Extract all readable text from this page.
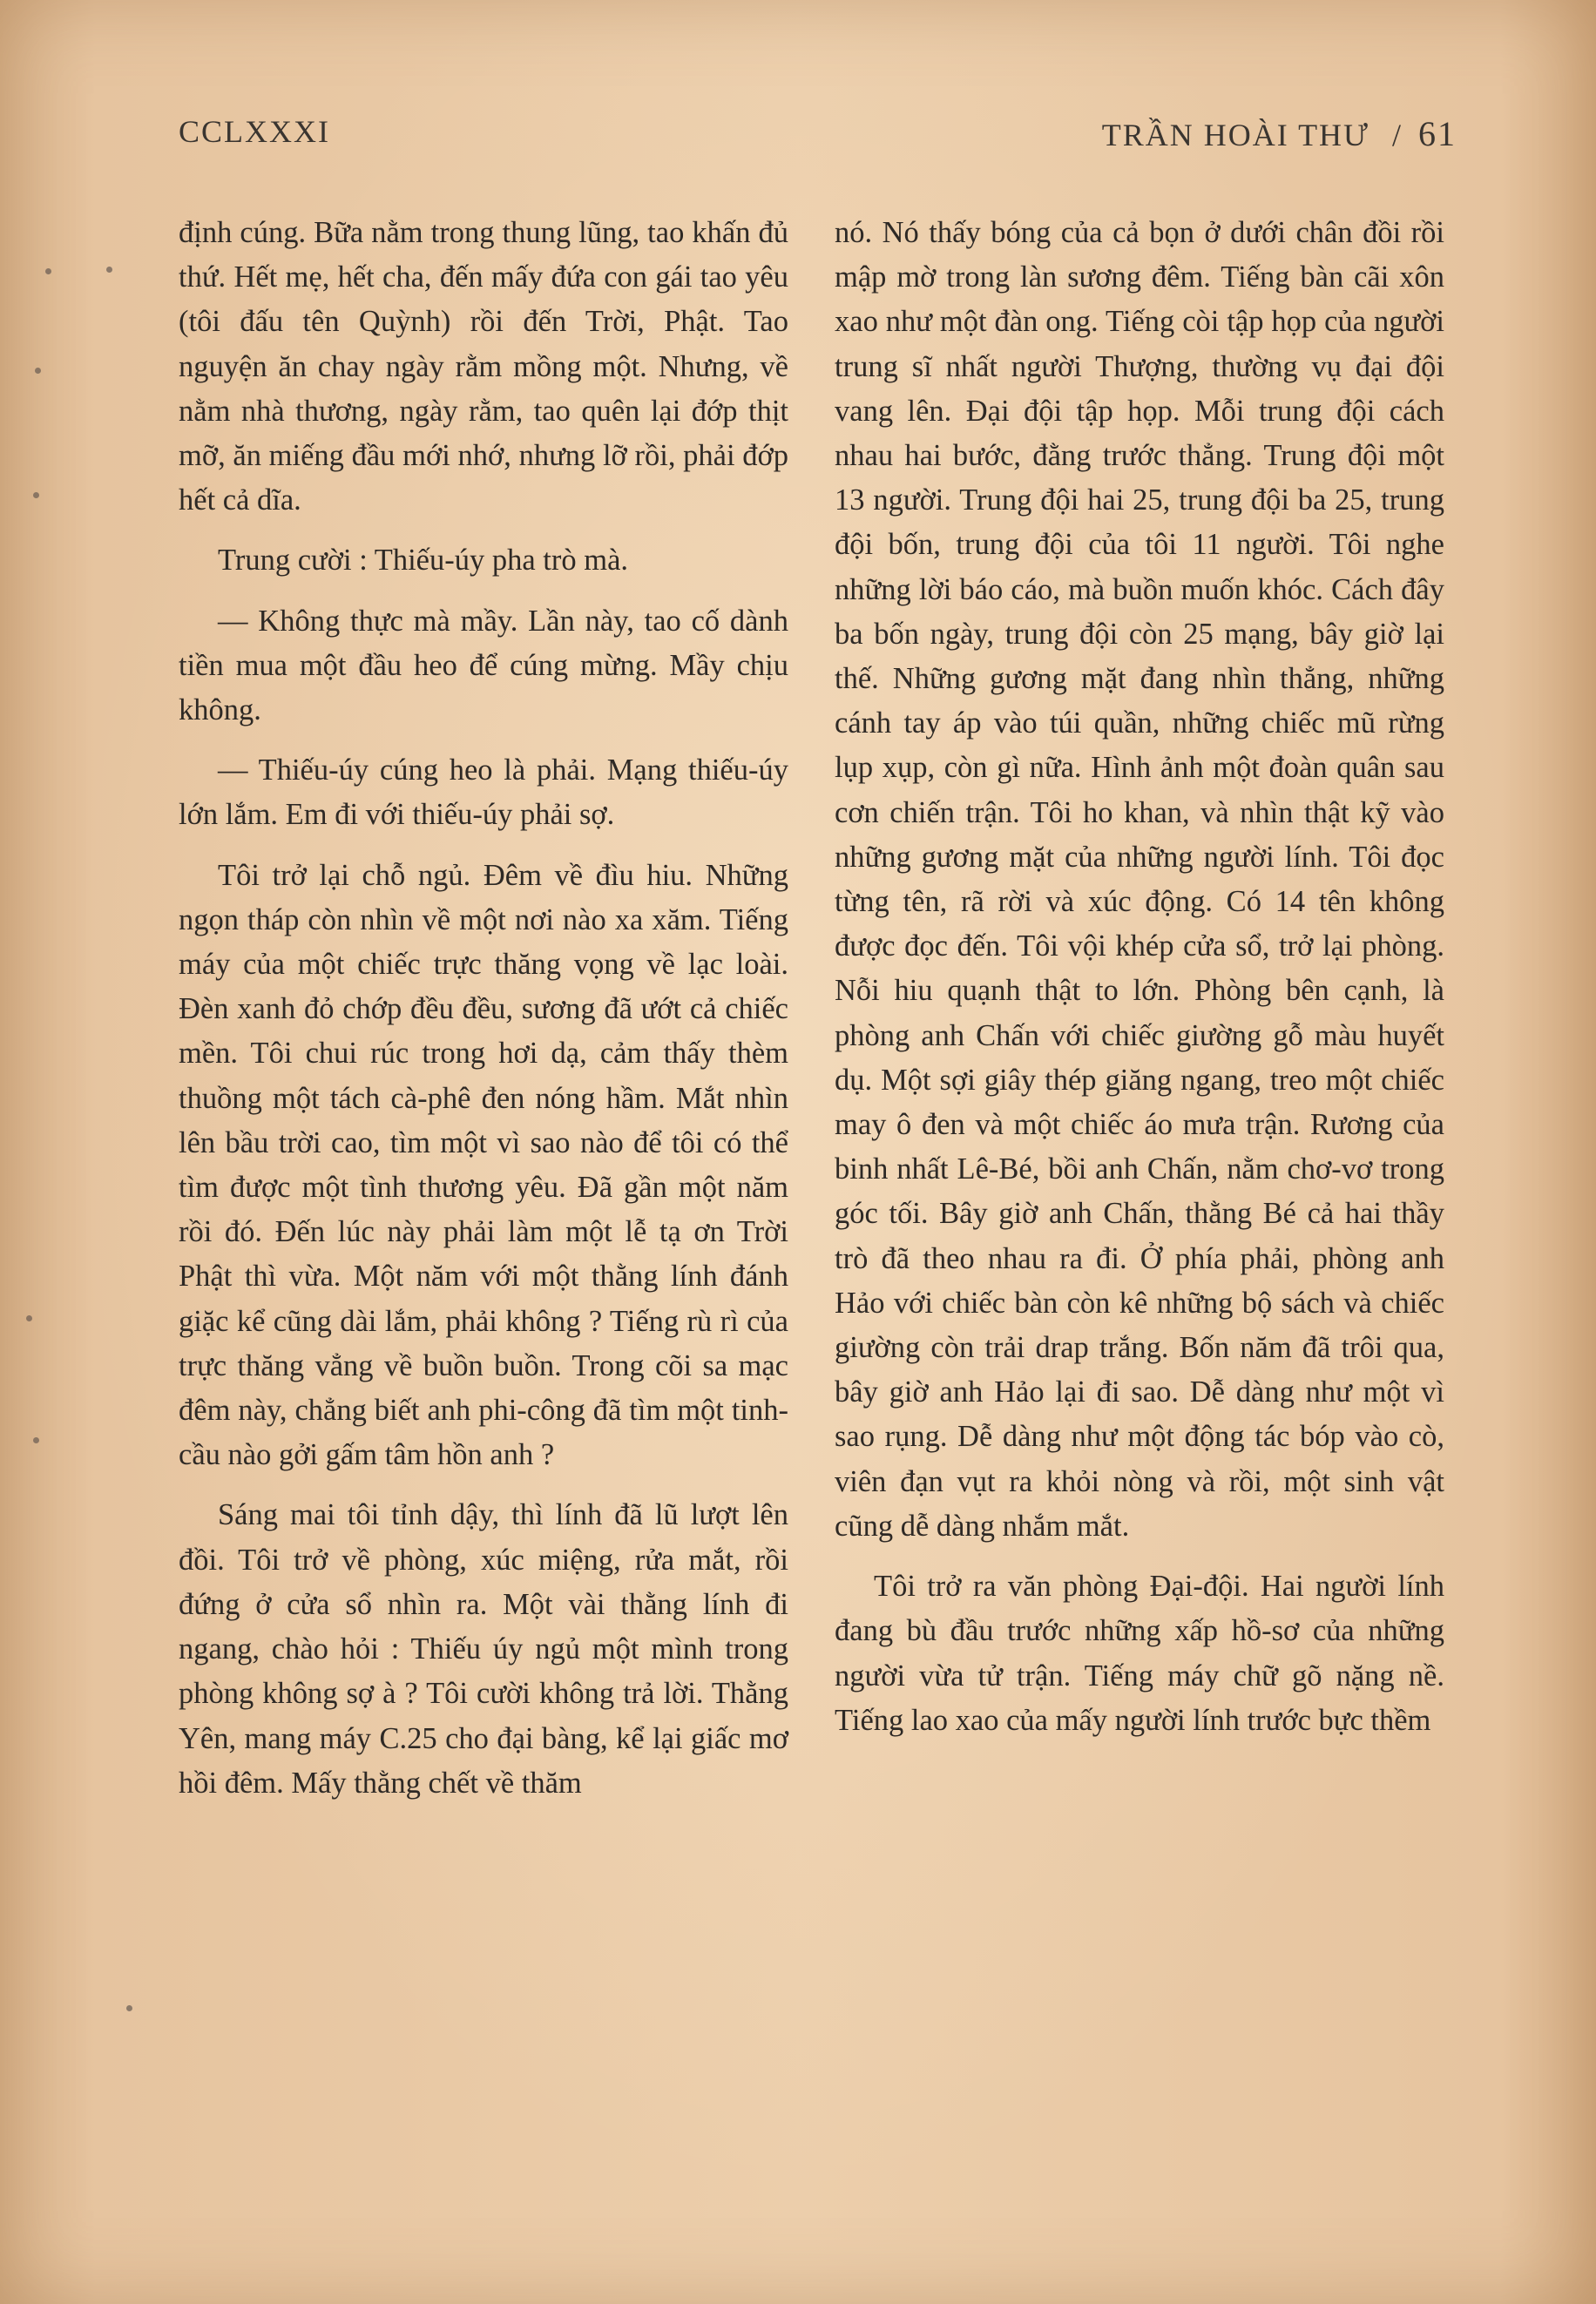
CCLXXXI	TRẦN HOÀI THƯ / 61

định cúng. Bữa nằm trong thung lũng, tao khấn đủ thứ. Hết mẹ, hết cha, đến mấy đứa con gái tao yêu (tôi đấu tên Quỳnh) rồi đến Trời, Phật. Tao nguyện ăn chay ngày rằm mồng một. Nhưng, về nằm nhà thương, ngày rằm, tao quên lại đớp thịt mỡ, ăn miếng đầu mới nhớ, nhưng lỡ rồi, phải đớp hết cả dĩa.

Trung cười : Thiếu-úy pha trò mà.

— Không thực mà mầy. Lần này, tao cố dành tiền mua một đầu heo để cúng mừng. Mầy chịu không.

— Thiếu-úy cúng heo là phải. Mạng thiếu-úy lớn lắm. Em đi với thiếu-úy phải sợ.

Tôi trở lại chỗ ngủ. Đêm về đìu hiu. Những ngọn tháp còn nhìn về một nơi nào xa xăm. Tiếng máy của một chiếc trực thăng vọng về lạc loài. Đèn xanh đỏ chớp đều đều, sương đã ướt cả chiếc mền. Tôi chui rúc trong hơi dạ, cảm thấy thèm thuồng một tách cà-phê đen nóng hầm. Mắt nhìn lên bầu trời cao, tìm một vì sao nào để tôi có thể tìm được một tình thương yêu. Đã gần một năm rồi đó. Đến lúc này phải làm một lễ tạ ơn Trời Phật thì vừa. Một năm với một thằng lính đánh giặc kể cũng dài lắm, phải không ? Tiếng rù rì của trực thăng vẳng về buồn buồn. Trong cõi sa mạc đêm này, chẳng biết anh phi-công đã tìm một tinh-cầu nào gởi gấm tâm hồn anh ?

Sáng mai tôi tỉnh dậy, thì lính đã lũ lượt lên đồi. Tôi trở về phòng, xúc miệng, rửa mắt, rồi đứng ở cửa sổ nhìn ra. Một vài thằng lính đi ngang, chào hỏi : Thiếu úy ngủ một mình trong phòng không sợ à ? Tôi cười không trả lời. Thằng Yên, mang máy C.25 cho đại bàng, kể lại giấc mơ hồi đêm. Mấy thằng chết về thăm

nó. Nó thấy bóng của cả bọn ở dưới chân đồi rồi mập mờ trong làn sương đêm. Tiếng bàn cãi xôn xao như một đàn ong. Tiếng còi tập họp của người trung sĩ nhất người Thượng, thường vụ đại đội vang lên. Đại đội tập họp. Mỗi trung đội cách nhau hai bước, đằng trước thẳng. Trung đội một 13 người. Trung đội hai 25, trung đội ba 25, trung đội bốn, trung đội của tôi 11 người. Tôi nghe những lời báo cáo, mà buồn muốn khóc. Cách đây ba bốn ngày, trung đội còn 25 mạng, bây giờ lại thế. Những gương mặt đang nhìn thẳng, những cánh tay áp vào túi quần, những chiếc mũ rừng lụp xụp, còn gì nữa. Hình ảnh một đoàn quân sau cơn chiến trận. Tôi ho khan, và nhìn thật kỹ vào những gương mặt của những người lính. Tôi đọc từng tên, rã rời và xúc động. Có 14 tên không được đọc đến. Tôi vội khép cửa sổ, trở lại phòng. Nỗi hiu quạnh thật to lớn. Phòng bên cạnh, là phòng anh Chấn với chiếc giường gỗ màu huyết dụ. Một sợi giây thép giăng ngang, treo một chiếc may ô đen và một chiếc áo mưa trận. Rương của binh nhất Lê-Bé, bồi anh Chấn, nằm chơ-vơ trong góc tối. Bây giờ anh Chấn, thằng Bé cả hai thầy trò đã theo nhau ra đi. Ở phía phải, phòng anh Hảo với chiếc bàn còn kê những bộ sách và chiếc giường còn trải drap trắng. Bốn năm đã trôi qua, bây giờ anh Hảo lại đi sao. Dễ dàng như một vì sao rụng. Dễ dàng như một động tác bóp vào cò, viên đạn vụt ra khỏi nòng và rồi, một sinh vật cũng dễ dàng nhắm mắt.

Tôi trở ra văn phòng Đại-đội. Hai người lính đang bù đầu trước những xấp hồ-sơ của những người vừa tử trận. Tiếng máy chữ gõ nặng nề. Tiếng lao xao của mấy người lính trước bực thềm
